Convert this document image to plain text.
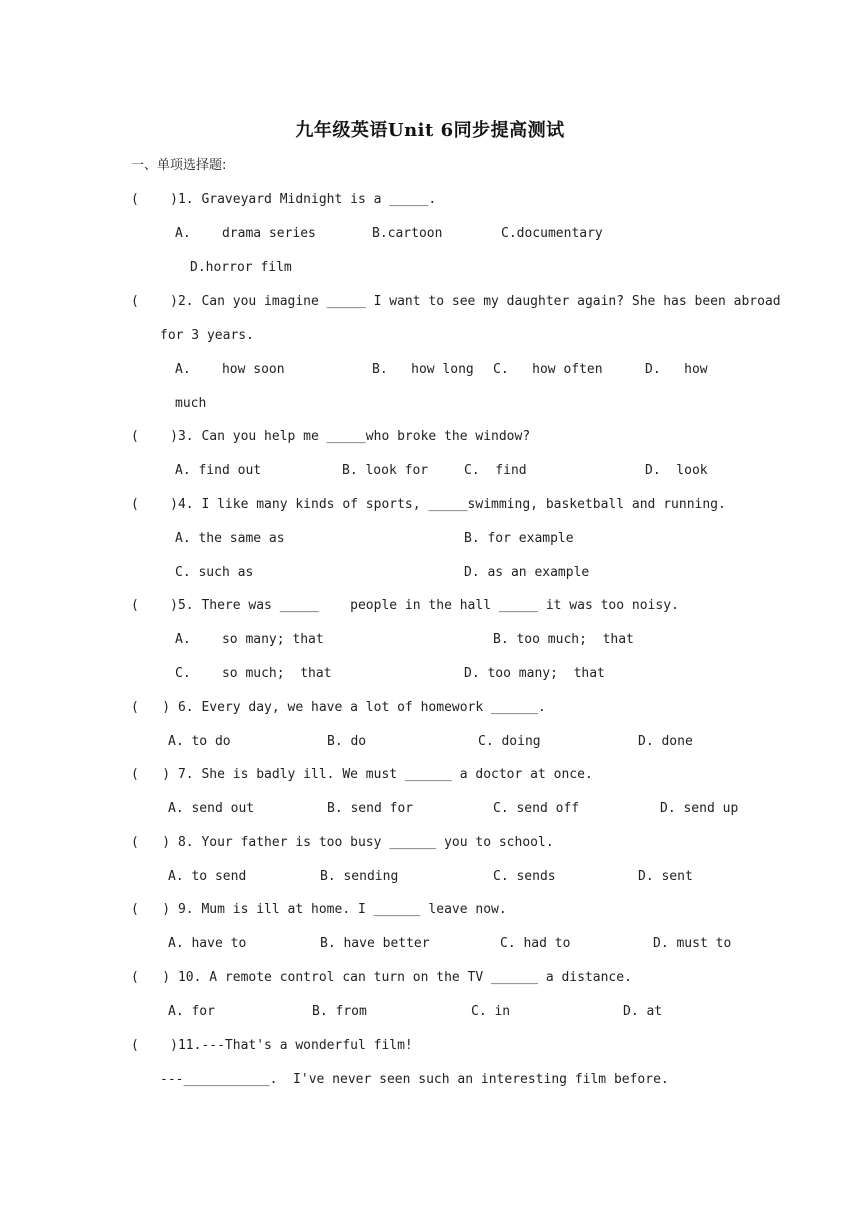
九年级英语Unit 6同步提高测试
一、单项选择题:
(    )1. Graveyard Midnight is a _____.
A.    drama series	B.cartoon	C.documentary
D.horror film
(    )2. Can you imagine _____ I want to see my daughter again? She has been abroad
for 3 years.
A.    how soon	B.   how long C.   how often	D.   how
much
(    )3. Can you help me _____who broke the window?
A. find out	B. look for	C.  find	D.  look
(    )4. I like many kinds of sports, _____swimming, basketball and running.
A. the same as	B. for example
C. such as	D. as an example
(    )5. There was _____    people in the hall _____ it was too noisy.
A.    so many; that	B. too much;  that
C.    so much;  that	D. too many;  that
(   ) 6. Every day, we have a lot of homework ______.
A. to do	B. do	C. doing	D. done
(   ) 7. She is badly ill. We must ______ a doctor at once.
A. send out	B. send for	C. send off	D. send up
(   ) 8. Your father is too busy ______ you to school.
A. to send	B. sending	C. sends	D. sent
(   ) 9. Mum is ill at home. I ______ leave now.
A. have to	B. have better	C. had to	D. must to
(   ) 10. A remote control can turn on the TV ______ a distance.
A. for	B. from	C. in	D. at
(    )11.---That's a wonderful film!
---___________.  I've never seen such an interesting film before.
